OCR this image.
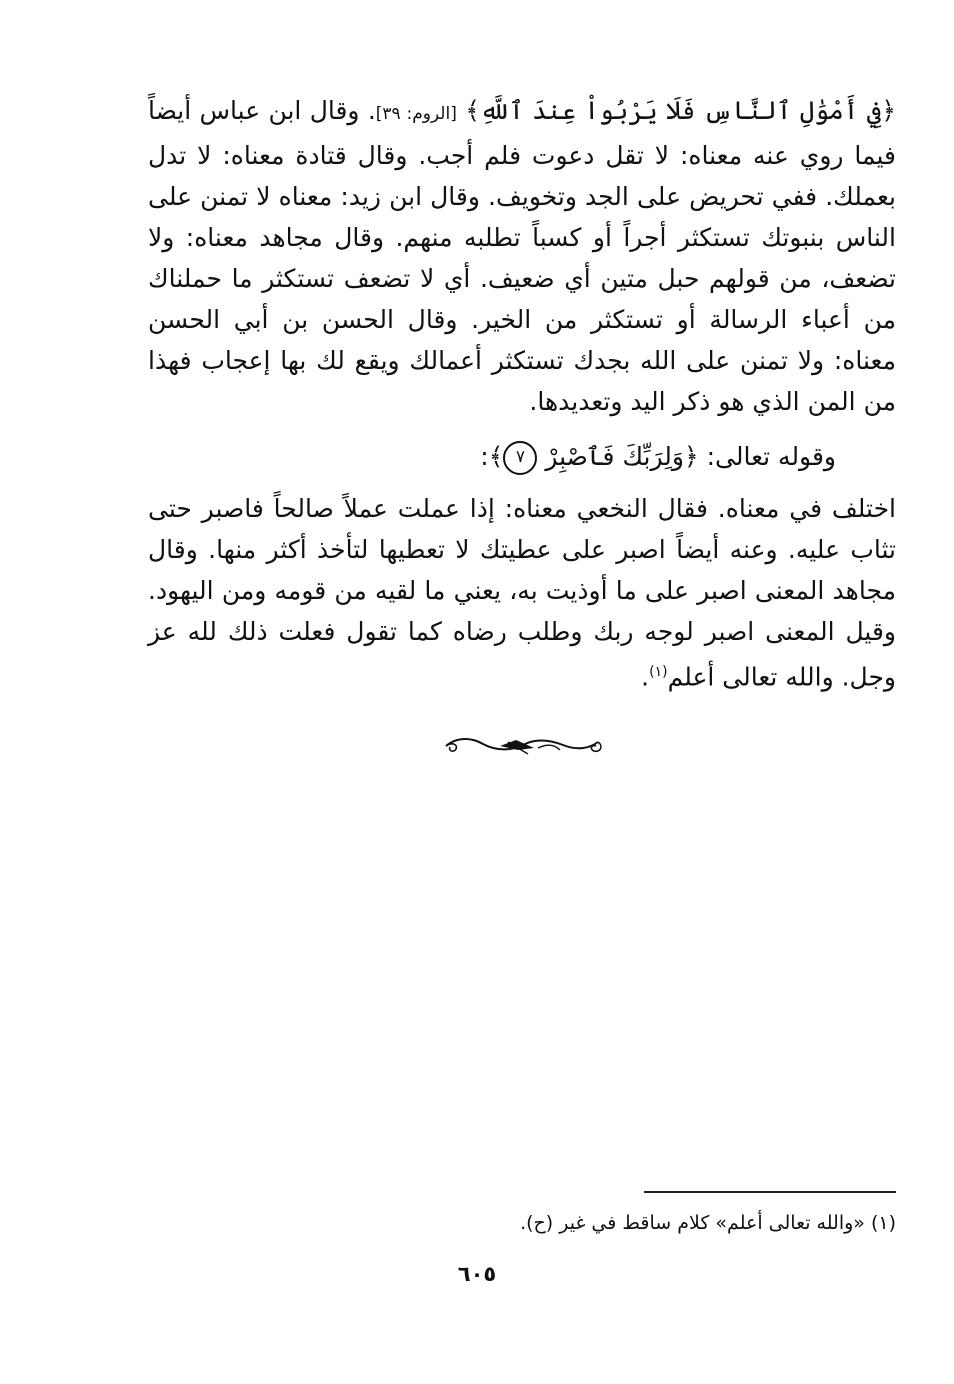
﴿فِي أَمْوَٰلِ ٱلنَّاسِ فَلَا يَرْبُواْ عِندَ ٱللَّهِ﴾ [الروم: ٣٩]. وقال ابن عباس أيضاً فيما روي عنه معناه: لا تقل دعوت فلم أجب. وقال قتادة معناه: لا تدل بعملك. ففي تحريض على الجد وتخويف. وقال ابن زيد: معناه لا تمنن على الناس بنبوتك تستكثر أجراً أو كسباً تطلبه منهم. وقال مجاهد معناه: ولا تضعف، من قولهم حبل متين أي ضعيف. أي لا تضعف تستكثر ما حملناك من أعباء الرسالة أو تستكثر من الخير. وقال الحسن بن أبي الحسن معناه: ولا تمنن على الله بجدك تستكثر أعمالك ويقع لك بها إعجاب فهذا من المن الذي هو ذكر اليد وتعديدها.

وقوله تعالى: ﴿وَلِرَبِّكَ فَٱصْبِرْ ٧﴾:

اختلف في معناه. فقال النخعي معناه: إذا عملت عملاً صالحاً فاصبر حتى تثاب عليه. وعنه أيضاً اصبر على عطيتك لا تعطيها لتأخذ أكثر منها. وقال مجاهد المعنى اصبر على ما أوذيت به، يعني ما لقيه من قومه ومن اليهود. وقيل المعنى اصبر لوجه ربك وطلب رضاه كما تقول فعلت ذلك لله عز وجل. والله تعالى أعلم$^{(١)}$.

(١) «والله تعالى أعلم» كلام ساقط في غير (ح).
٦٠٥
